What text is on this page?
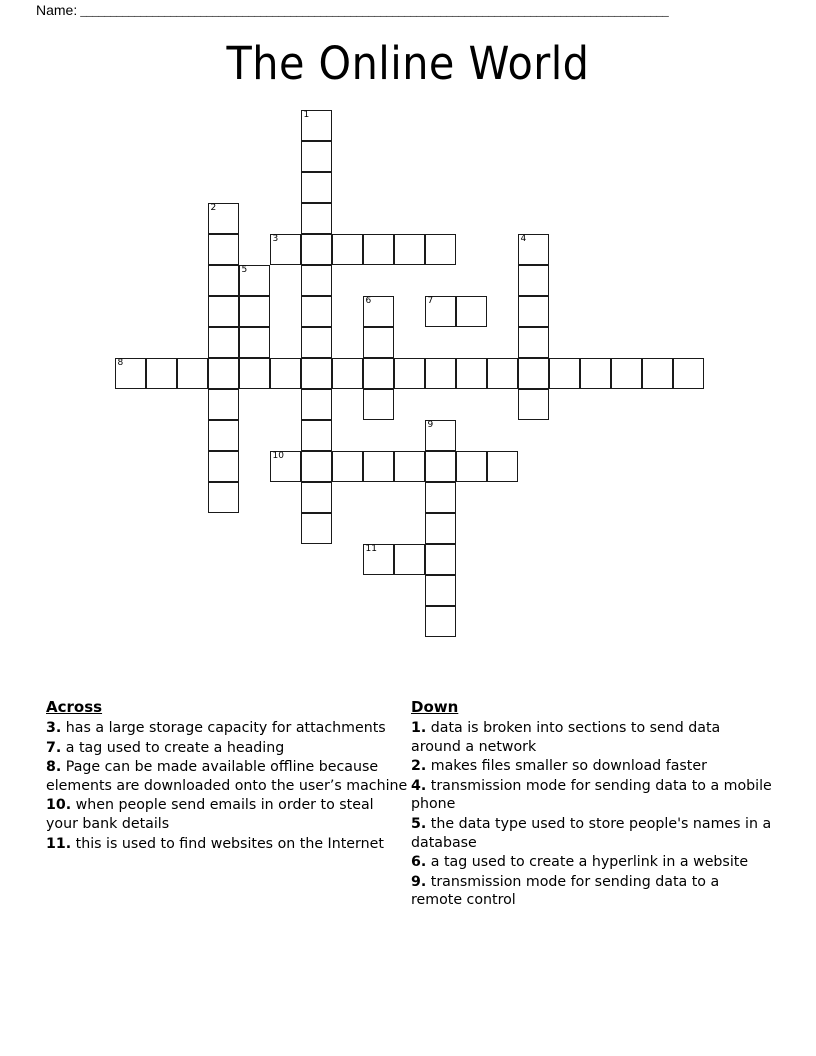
Name: __________________________________________________________________________________________________
The Online World
1
2
3	4
5
6	7
8
9
10
11
Across
3. has a large storage capacity for attachments
7. a tag used to create a heading
8. Page can be made available offline because elements are downloaded onto the user’s machine
10. when people send emails in order to steal your bank details
11. this is used to find websites on the Internet
Down
1. data is broken into sections to send data around a network
2. makes files smaller so download faster
4. transmission mode for sending data to a mobile phone
5. the data type used to store people's names in a database
6. a tag used to create a hyperlink in a website
9. transmission mode for sending data to a remote control
